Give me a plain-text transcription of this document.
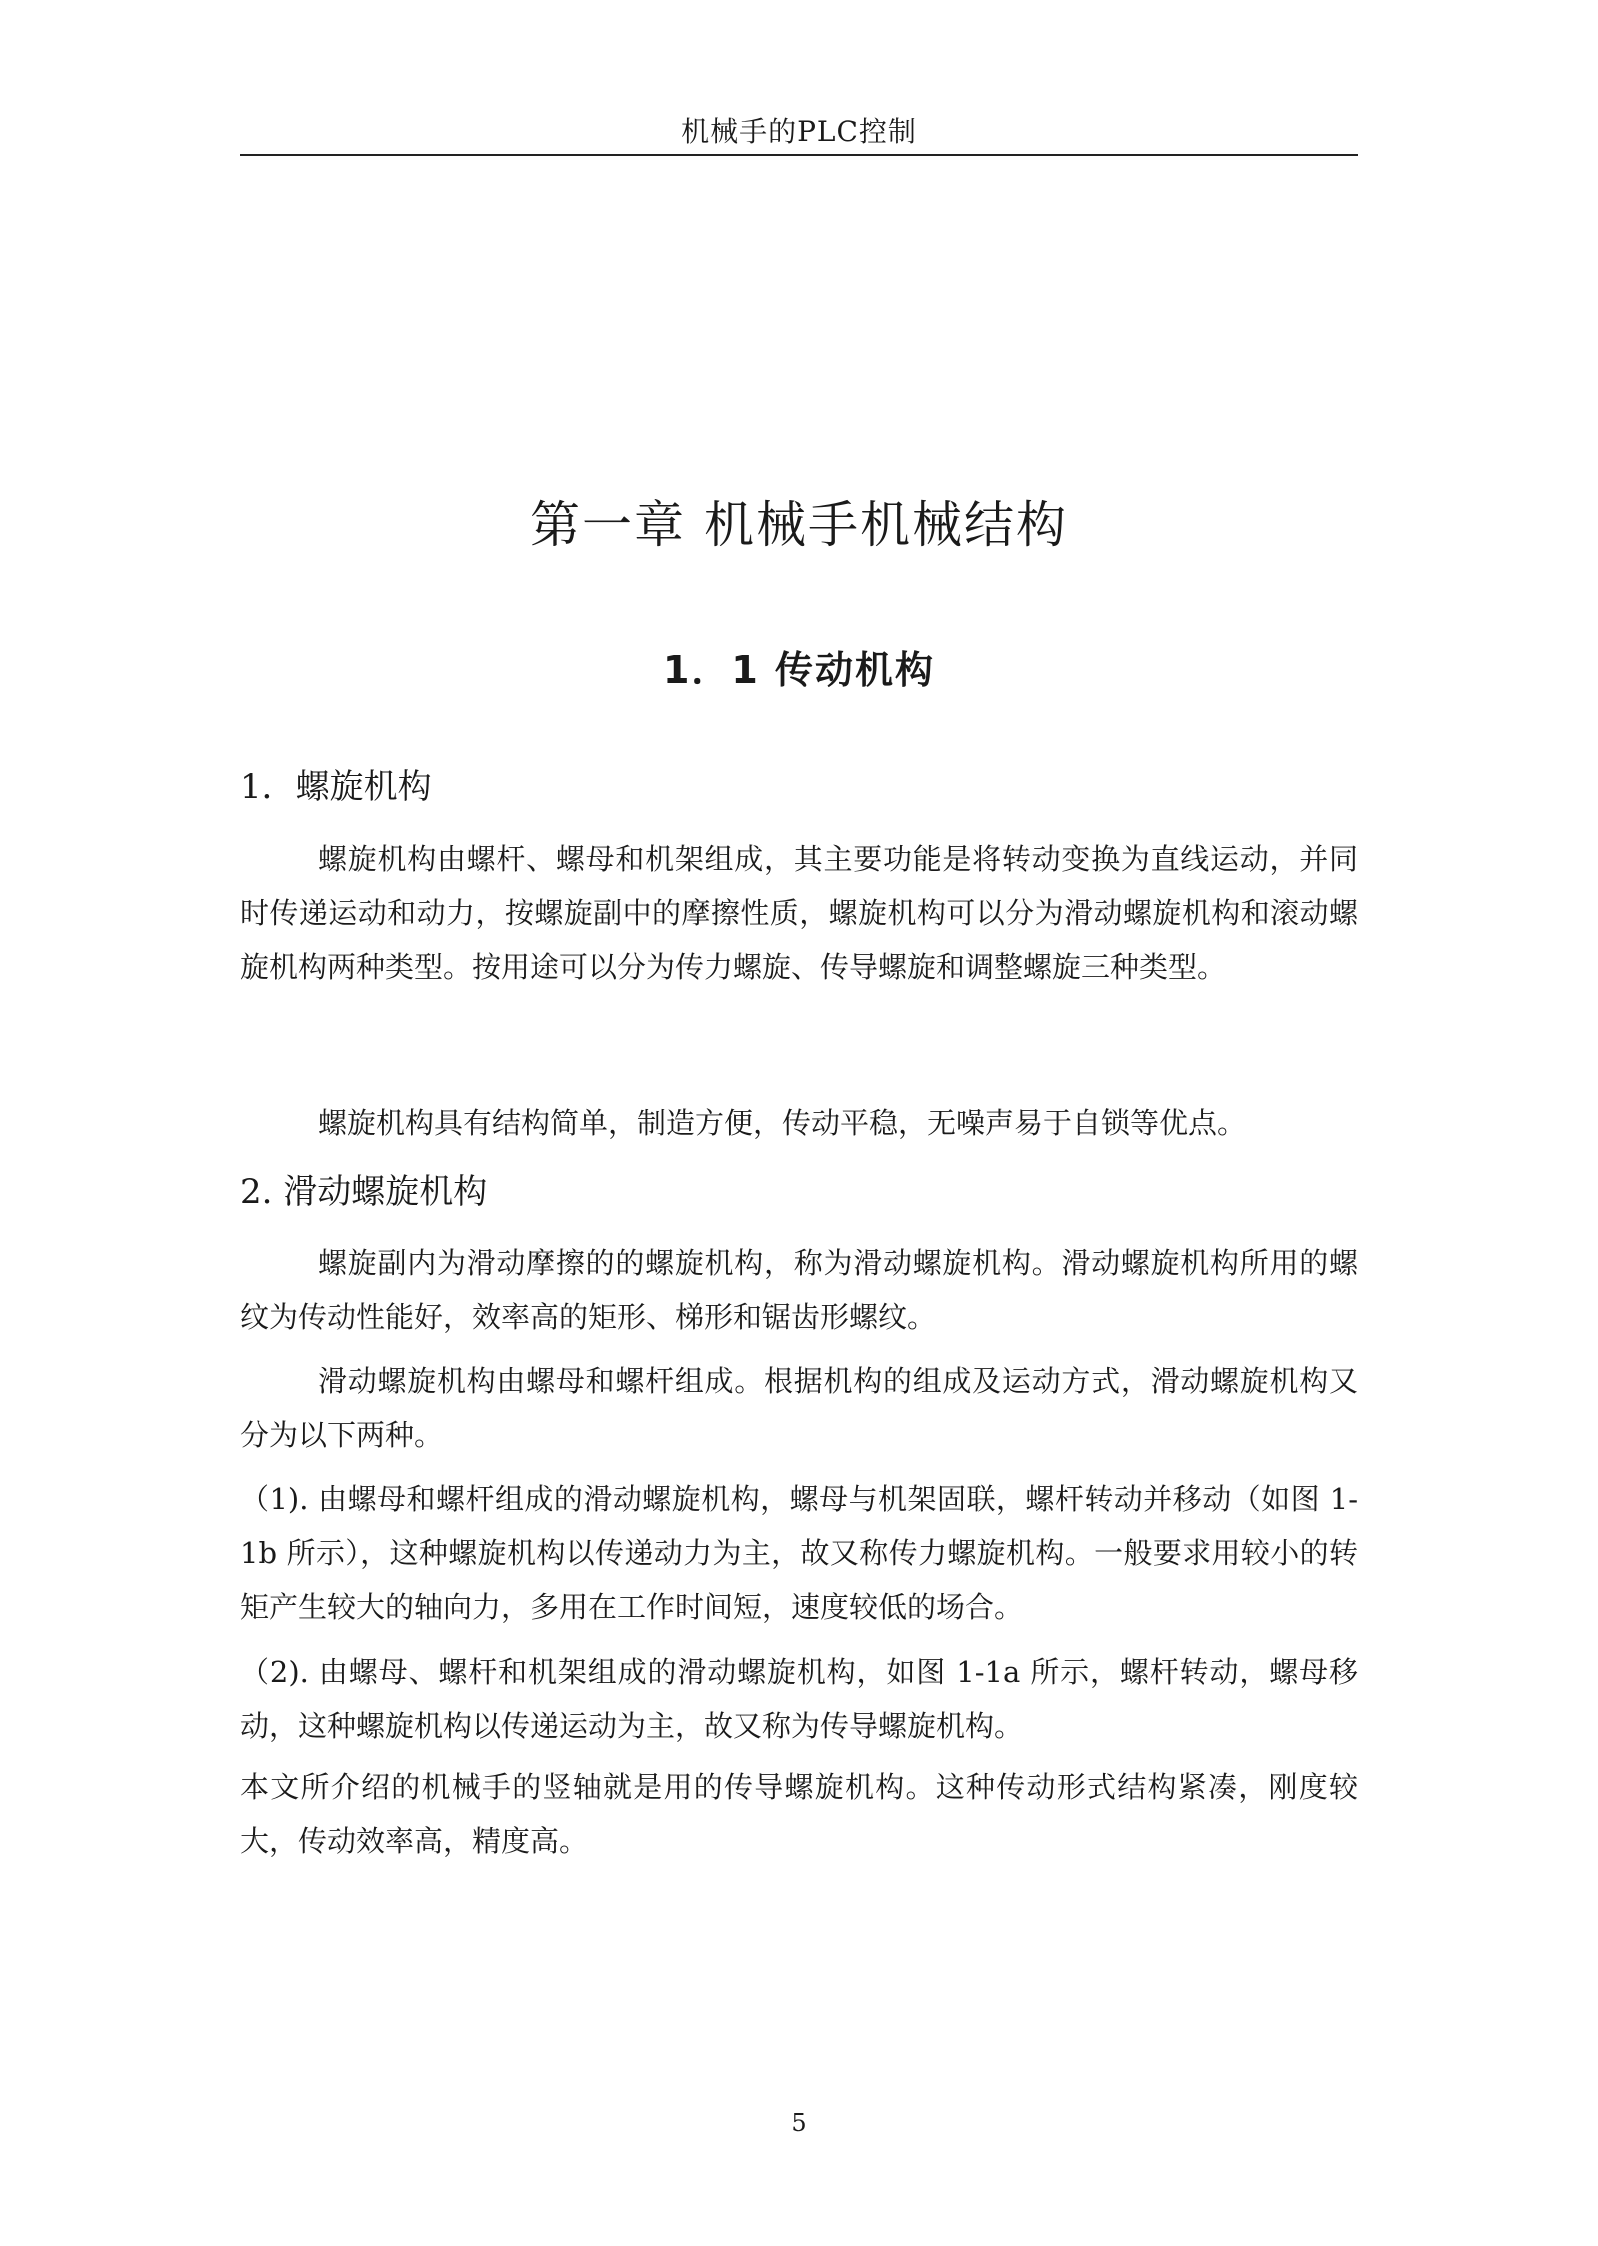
机械手的PLC控制
第一章 机械手机械结构
1．1 传动机构
1．螺旋机构

螺旋机构由螺杆、螺母和机架组成，其主要功能是将转动变换为直线运动，并同时传递运动和动力，按螺旋副中的摩擦性质，螺旋机构可以分为滑动螺旋机构和滚动螺旋机构两种类型。按用途可以分为传力螺旋、传导螺旋和调整螺旋三种类型。

螺旋机构具有结构简单，制造方便，传动平稳，无噪声易于自锁等优点。

2. 滑动螺旋机构

螺旋副内为滑动摩擦的的螺旋机构，称为滑动螺旋机构。滑动螺旋机构所用的螺纹为传动性能好，效率高的矩形、梯形和锯齿形螺纹。

滑动螺旋机构由螺母和螺杆组成。根据机构的组成及运动方式，滑动螺旋机构又分为以下两种。

（1). 由螺母和螺杆组成的滑动螺旋机构，螺母与机架固联，螺杆转动并移动（如图 1-1b 所示），这种螺旋机构以传递动力为主，故又称传力螺旋机构。一般要求用较小的转矩产生较大的轴向力，多用在工作时间短，速度较低的场合。

（2). 由螺母、螺杆和机架组成的滑动螺旋机构，如图 1-1a 所示，螺杆转动，螺母移动，这种螺旋机构以传递运动为主，故又称为传导螺旋机构。

本文所介绍的机械手的竖轴就是用的传导螺旋机构。这种传动形式结构紧凑，刚度较大，传动效率高，精度高。

5
